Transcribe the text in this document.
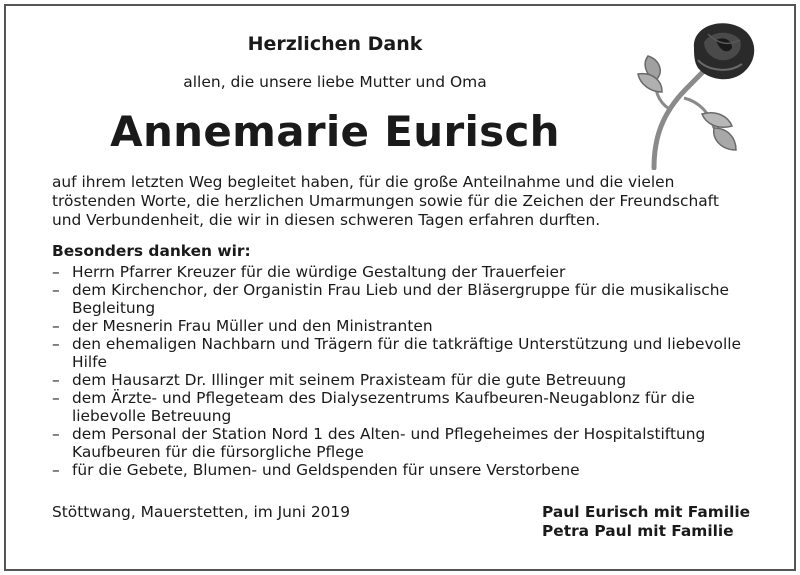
Herzlichen Dank
allen, die unsere liebe Mutter und Oma
Annemarie Eurisch
auf ihrem letzten Weg begleitet haben, für die große Anteilnahme und die vielen tröstenden Worte, die herzlichen Umarmungen sowie für die Zeichen der Freundschaft und Verbundenheit, die wir in diesen schweren Tagen erfahren durften.
Besonders danken wir:
– Herrn Pfarrer Kreuzer für die würdige Gestaltung der Trauerfeier
– dem Kirchenchor, der Organistin Frau Lieb und der Bläsergruppe für die musikalische Begleitung
– der Mesnerin Frau Müller und den Ministranten
– den ehemaligen Nachbarn und Trägern für die tatkräftige Unterstützung und liebevolle Hilfe
– dem Hausarzt Dr. Illinger mit seinem Praxisteam für die gute Betreuung
– dem Ärzte- und Pflegeteam des Dialysezentrums Kaufbeuren-Neugablonz für die liebevolle Betreuung
– dem Personal der Station Nord 1 des Alten- und Pflegeheimes der Hospitalstiftung Kaufbeuren für die fürsorgliche Pflege
– für die Gebete, Blumen- und Geldspenden für unsere Verstorbene
Stöttwang, Mauerstetten, im Juni 2019	Paul Eurisch mit Familie
Petra Paul mit Familie
